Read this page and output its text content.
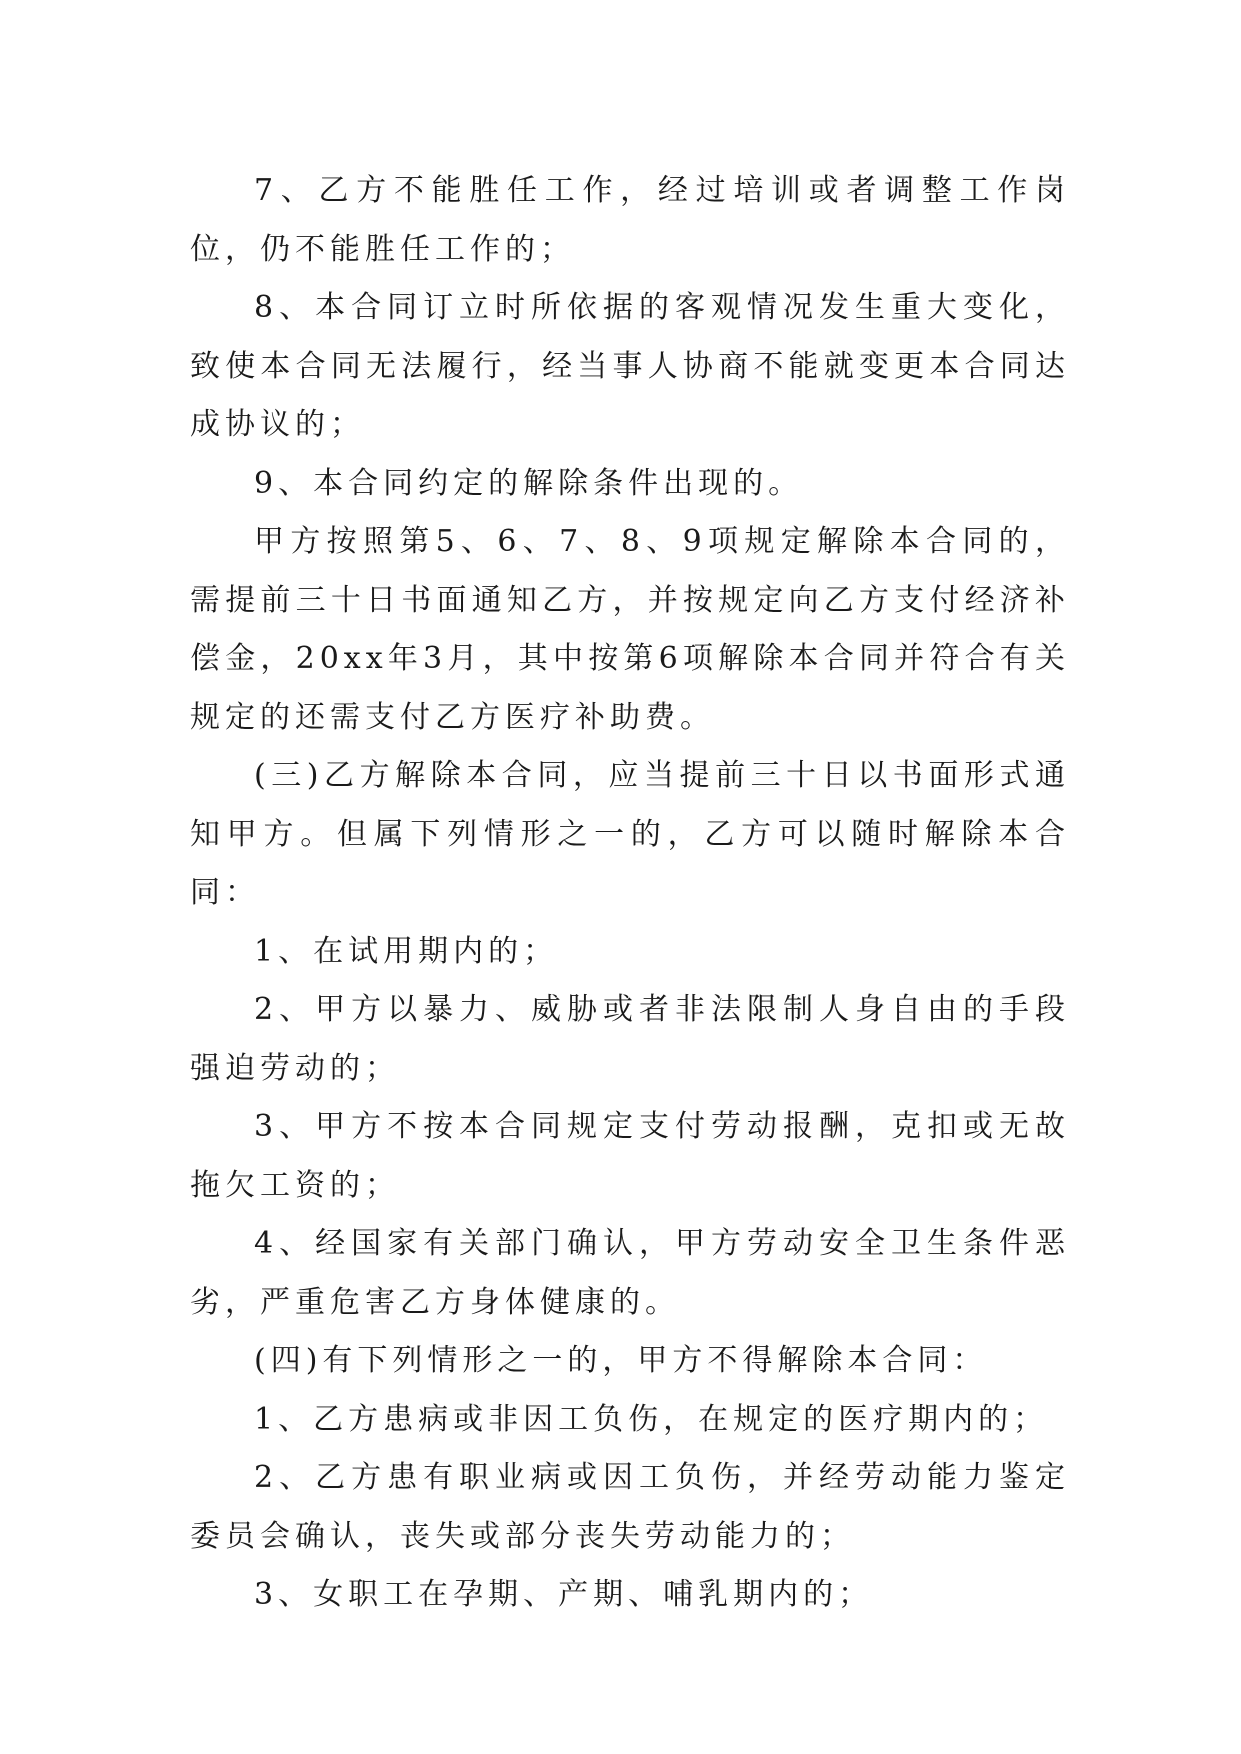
7、乙方不能胜任工作，经过培训或者调整工作岗位，仍不能胜任工作的；

8、本合同订立时所依据的客观情况发生重大变化，致使本合同无法履行，经当事人协商不能就变更本合同达成协议的；

9、本合同约定的解除条件出现的。

甲方按照第5、6、7、8、9项规定解除本合同的，需提前三十日书面通知乙方，并按规定向乙方支付经济补偿金，20xx年3月，其中按第6项解除本合同并符合有关规定的还需支付乙方医疗补助费。

(三)乙方解除本合同，应当提前三十日以书面形式通知甲方。但属下列情形之一的，乙方可以随时解除本合同：

1、在试用期内的；

2、甲方以暴力、威胁或者非法限制人身自由的手段强迫劳动的；

3、甲方不按本合同规定支付劳动报酬，克扣或无故拖欠工资的；

4、经国家有关部门确认，甲方劳动安全卫生条件恶劣，严重危害乙方身体健康的。

(四)有下列情形之一的，甲方不得解除本合同：

1、乙方患病或非因工负伤，在规定的医疗期内的；

2、乙方患有职业病或因工负伤，并经劳动能力鉴定委员会确认，丧失或部分丧失劳动能力的；

3、女职工在孕期、产期、哺乳期内的；
